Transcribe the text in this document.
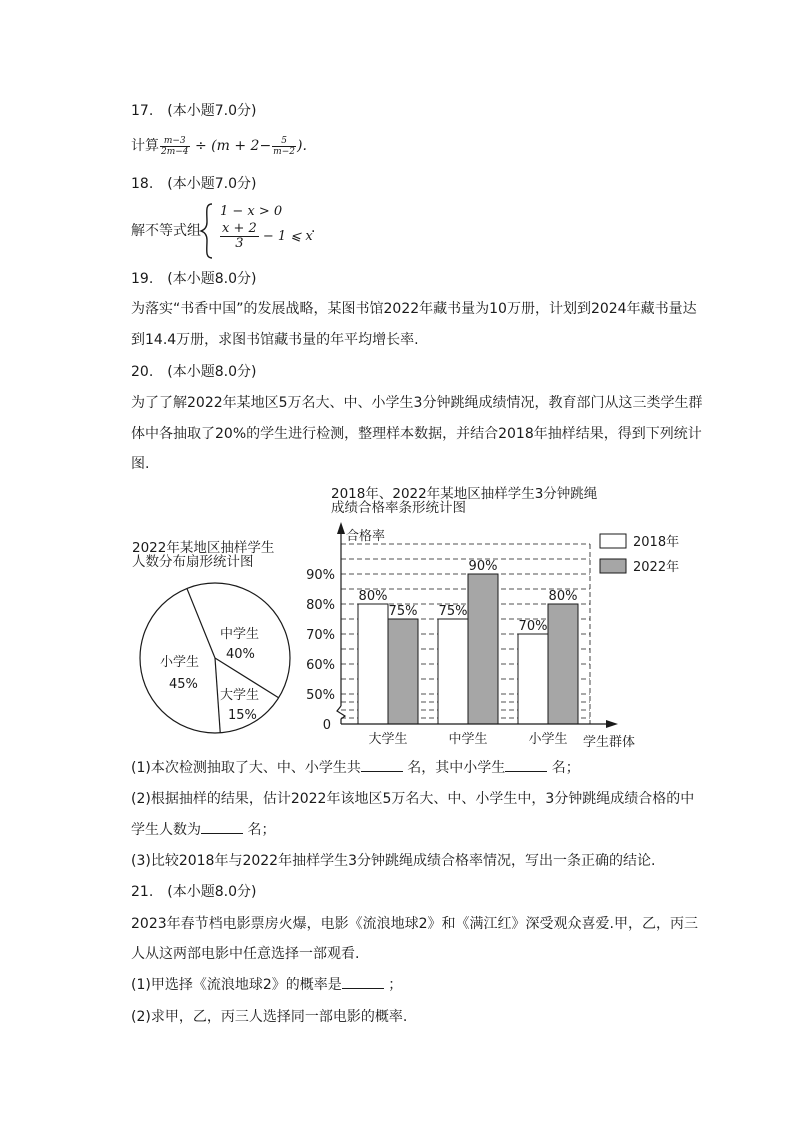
17.　(本小题7.0分)
计算 $\frac{m-3}{2m-4} \div (m + 2- \frac{5}{m-2}$ ).
18.　(本小题7.0分)
解不等式组
1 − x > 0
$\frac{x + 2}{3} - 1$ ⩽ x
.
19.　(本小题8.0分)
为落实“书香中国”的发展战略，某图书馆2022年藏书量为10万册，计划到2024年藏书量达
到14.4万册，求图书馆藏书量的年平均增长率.
20.　(本小题8.0分)
为了了解2022年某地区5万名大、中、小学生3分钟跳绳成绩情况，教育部门从这三类学生群
体中各抽取了20%的学生进行检测，整理样本数据，并结合2018年抽样结果，得到下列统计
图.
2022年某地区抽样学生
人数分布扇形统计图
中学生
40%
大学生
15%
小学生
45%
2018年、2022年某地区抽样学生3分钟跳绳
成绩合格率条形统计图
合格率
80%
75%
70%
75%
90%
80%
50%
60%
70%
80%
90%
0
大学生	中学生	小学生
2018年
2022年
学生群体
(1)本次检测抽取了大、中、小学生共	名，其中小学生	名；
(2)根据抽样的结果，估计2022年该地区5万名大、中、小学生中，3分钟跳绳成绩合格的中
学生人数为	名；
(3)比较2018年与2022年抽样学生3分钟跳绳成绩合格率情况，写出一条正确的结论.
21.　(本小题8.0分)
2023年春节档电影票房火爆，电影《流浪地球2》和《满江红》深受观众喜爱.甲，乙，丙三
人从这两部电影中任意选择一部观看.
(1)甲选择《流浪地球2》的概率是	；
(2)求甲，乙，丙三人选择同一部电影的概率.
